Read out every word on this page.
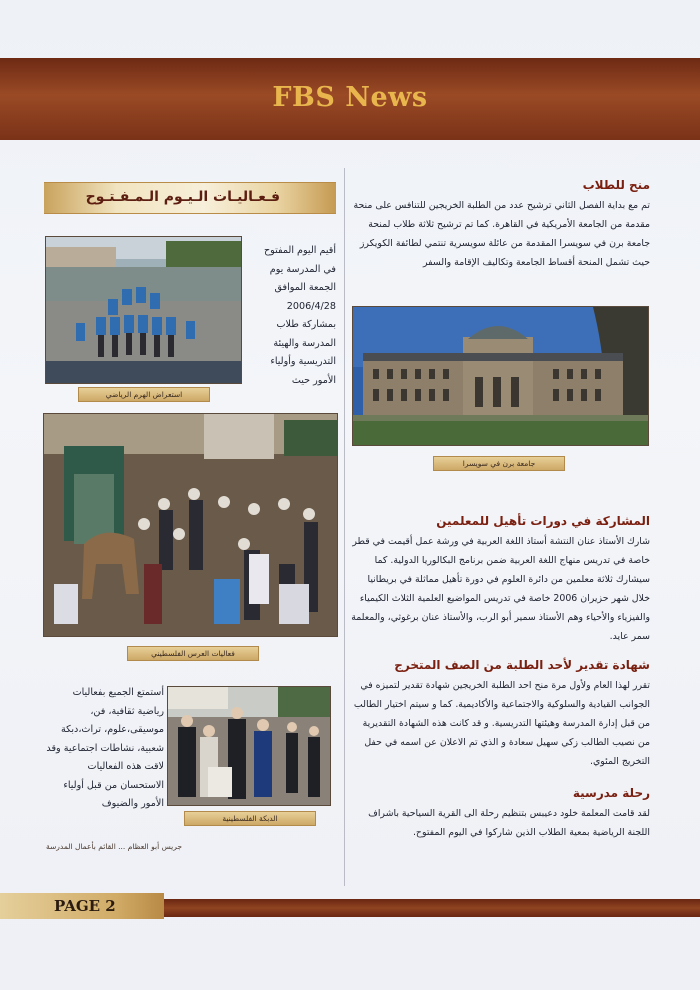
FBS News
فـعـاليـات الـيـوم الـمـفـتـوح
أقيم اليوم المفتوح في المدرسة يوم الجمعة الموافق 2006/4/28 بمشاركة طلاب المدرسة والهيئة التدريسية وأولياء الأمور حيث
استعراض الهرم الرياضي
فعاليات العرس الفلسطيني
أستمتع الجميع بفعاليات رياضية ثقافية، فن، موسيقى،علوم، تراث،دبكة شعبية، نشاطات اجتماعية وقد لاقت هذه الفعاليات الاستحسان من قبل أولياء الأمور والضيوف
الدبكة الفلسطينية
جريس أبو العظام ... القائم بأعمال المدرسة
منح للطلاب
تم مع بداية الفصل الثاني ترشيح عدد من الطلبة الخريجين للتنافس على منحة مقدمة من الجامعة الأمريكية في القاهرة. كما تم ترشيح ثلاثة طلاب لمنحة جامعة برن في سويسرا المقدمة من عائلة سويسرية تنتمي لطائفة الكويكرز حيث تشمل المنحة أقساط الجامعة وتكاليف الإقامة والسفر
جامعة برن في سويسرا
المشاركة في دورات تأهيل للمعلمين
شارك الأستاذ عنان النتشة أستاذ اللغة العربية في ورشة عمل أقيمت في قطر خاصة في تدريس منهاج اللغة العربية ضمن برنامج البكالوريا الدولية. كما سيشارك ثلاثة معلمين من دائرة العلوم في دورة تأهيل مماثلة في بريطانيا خلال شهر حزيران 2006 خاصة في تدريس المواضيع العلمية الثلاث الكيمياء والفيزياء والأحياء وهم الأستاذ سمير أبو الرب، والأستاذ عنان برغوثي، والمعلمة سمر عايد.
شهادة تقدير لأحد الطلبة من الصف المتخرج
تقرر لهذا العام ولأول مرة منح احد الطلبة الخريجين شهادة تقدير لتميزه في الجوانب القيادية والسلوكية والاجتماعية والأكاديمية. كما و سيتم اختيار الطالب من قبل إدارة المدرسة وهيئتها التدريسية. و قد كانت هذه الشهادة التقديرية من نصيب الطالب زكي سهيل سعادة و الذي تم الاعلان عن اسمه في حفل التخريج المئوي.
رحلة مدرسية
لقد قامت المعلمة خلود دعيبس بتنظيم رحلة الى القرية السياحية باشراف اللجنة الرياضية بمعية الطلاب الذين شاركوا في اليوم المفتوح.
PAGE 2
